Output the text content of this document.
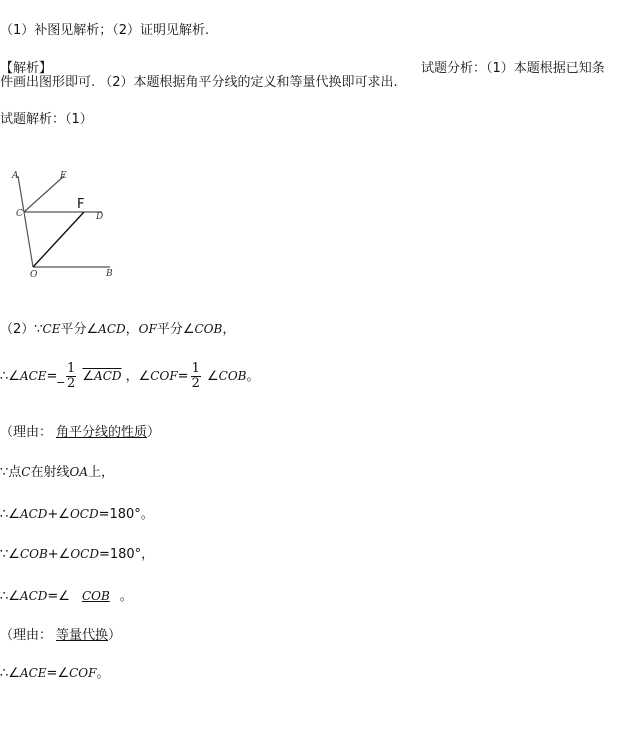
（1）补图见解析；（2）证明见解析.
【解析】	试题分析：（1）本题根据已知条
件画出图形即可. （2）本题根据角平分线的定义和等量代换即可求出.
试题解析：（1）
A	E
C
F
D
O	B
（2）∵CE平分∠ACD，OF平分∠COB，
∴∠ACE=_ $\frac{1}{2}$ ∠ACD ，∠COF= $\frac{1}{2}$ ∠COB。
（理由： 角平分线的性质）
∵点C在射线OA上，
∴∠ACD+∠OCD=180°。
∵∠COB+∠OCD=180°，
∴∠ACD=∠ COB 。
（理由： 等量代换）
∴∠ACE=∠COF。
